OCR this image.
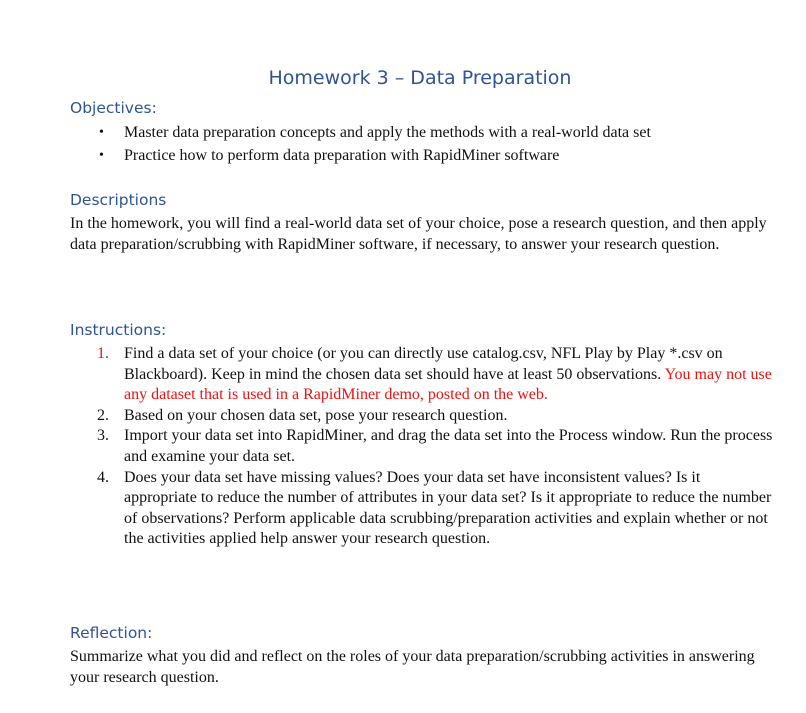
Homework 3 – Data Preparation
Objectives:
• Master data preparation concepts and apply the methods with a real-world data set
• Practice how to perform data preparation with RapidMiner software
Descriptions
In the homework, you will find a real-world data set of your choice, pose a research question, and then apply data preparation/scrubbing with RapidMiner software, if necessary, to answer your research question.
Instructions:
1. Find a data set of your choice (or you can directly use catalog.csv, NFL Play by Play *.csv on Blackboard). Keep in mind the chosen data set should have at least 50 observations. You may not use any dataset that is used in a RapidMiner demo, posted on the web.
2. Based on your chosen data set, pose your research question.
3. Import your data set into RapidMiner, and drag the data set into the Process window. Run the process and examine your data set.
4. Does your data set have missing values? Does your data set have inconsistent values? Is it appropriate to reduce the number of attributes in your data set? Is it appropriate to reduce the number of observations? Perform applicable data scrubbing/preparation activities and explain whether or not the activities applied help answer your research question.
Reflection:
Summarize what you did and reflect on the roles of your data preparation/scrubbing activities in answering your research question.
